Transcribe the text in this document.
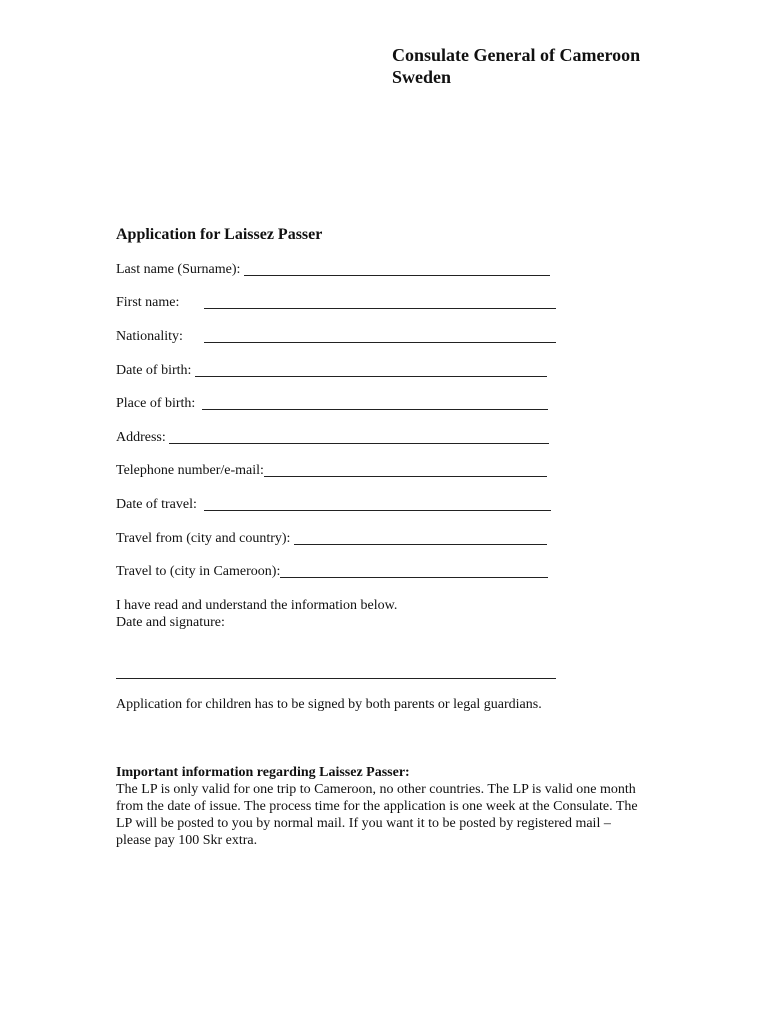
Consulate General of Cameroon
Sweden
Application for Laissez Passer
Last name (Surname):
First name:
Nationality:
Date of birth:
Place of birth:
Address:
Telephone number/e-mail:
Date of travel:
Travel from (city and country):
Travel to (city in Cameroon):
I have read and understand the information below.
Date and signature:
Application for children has to be signed by both parents or legal guardians.
Important information regarding Laissez Passer:
The LP is only valid for one trip to Cameroon, no other countries. The LP is valid one month
from the date of issue. The process time for the application is one week at the Consulate. The
LP will be posted to you by normal mail. If you want it to be posted by registered mail –
please pay 100 Skr extra.
